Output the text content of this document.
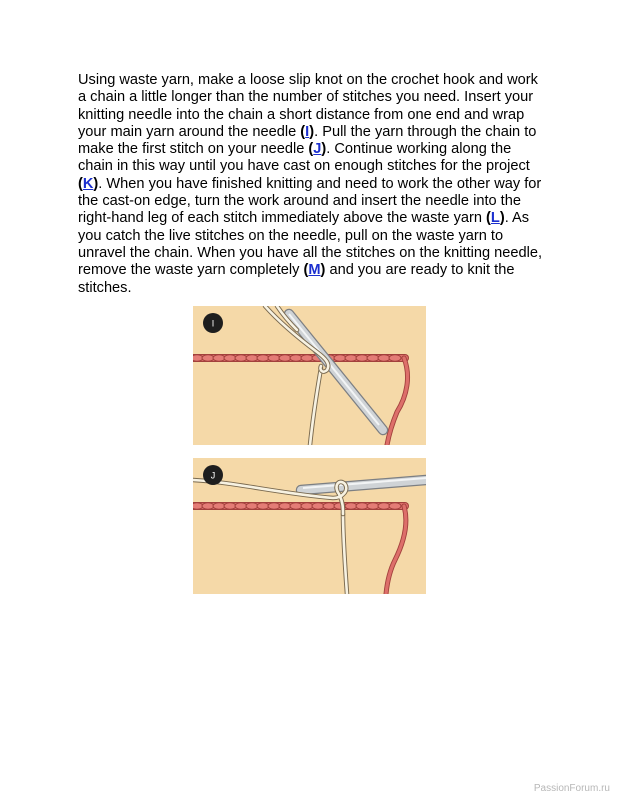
Using waste yarn, make a loose slip knot on the crochet hook and work a chain a little longer than the number of stitches you need. Insert your knitting needle into the chain a short distance from one end and wrap your main yarn around the needle (I). Pull the yarn through the chain to make the first stitch on your needle (J). Continue working along the chain in this way until you have cast on enough stitches for the project (K). When you have finished knitting and need to work the other way for the cast-on edge, turn the work around and insert the needle into the right-hand leg of each stitch immediately above the waste yarn (L). As you catch the live stitches on the needle, pull on the waste yarn to unravel the chain. When you have all the stitches on the knitting needle, remove the waste yarn completely (M) and you are ready to knit the stitches.

I
J
PassionForum.ru
